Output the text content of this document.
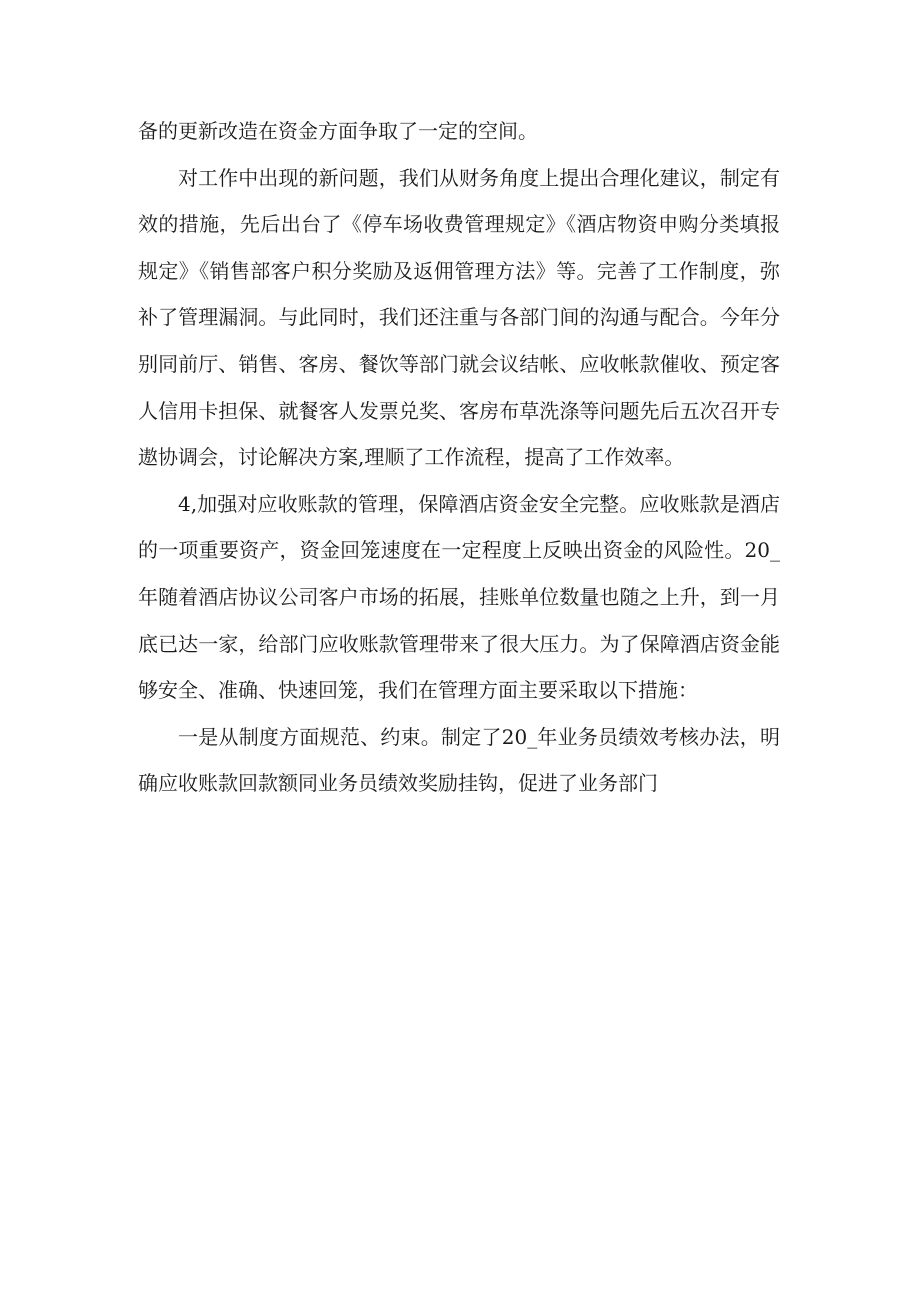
备的更新改造在资金方面争取了一定的空间。
对工作中出现的新问题，我们从财务角度上提出合理化建议，制定有
效的措施，先后出台了《停车场收费管理规定》《酒店物资申购分类填报
规定》《销售部客户积分奖励及返佣管理方法》等。完善了工作制度，弥
补了管理漏洞。与此同时，我们还注重与各部门间的沟通与配合。今年分
别同前厅、销售、客房、餐饮等部门就会议结帐、应收帐款催收、预定客
人信用卡担保、就餐客人发票兑奖、客房布草洗涤等问题先后五次召开专
遨协调会，讨论解决方案,理顺了工作流程，提高了工作效率。
4,加强对应收账款的管理，保障酒店资金安全完整。应收账款是酒店
的一项重要资产，资金回笼速度在一定程度上反映出资金的风险性。20_
年随着酒店协议公司客户市场的拓展，挂账单位数量也随之上升，到一月
底已达一家，给部门应收账款管理带来了很大压力。为了保障酒店资金能
够安全、准确、快速回笼，我们在管理方面主要采取以下措施：
一是从制度方面规范、约束。制定了20_年业务员绩效考核办法，明
确应收账款回款额同业务员绩效奖励挂钩，促进了业务部门
